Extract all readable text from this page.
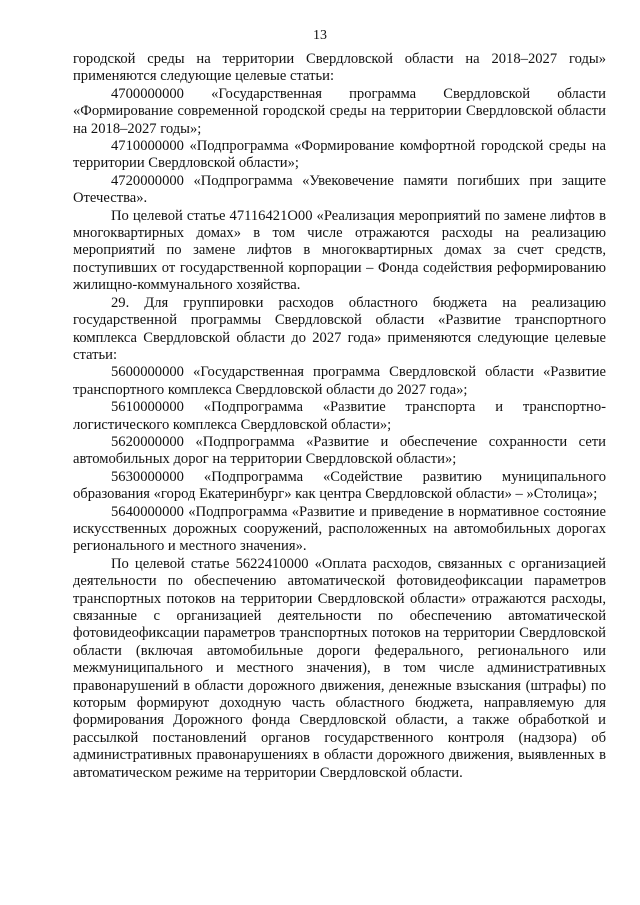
13

городской среды на территории Свердловской области на 2018–2027 годы» применяются следующие целевые статьи:

4700000000 «Государственная программа Свердловской области «Формирование современной городской среды на территории Свердловской области на 2018–2027 годы»;

4710000000 «Подпрограмма «Формирование комфортной городской среды на территории Свердловской области»;

4720000000 «Подпрограмма «Увековечение памяти погибших при защите Отечества».

По целевой статье 47116421О00 «Реализация мероприятий по замене лифтов в многоквартирных домах» в том числе отражаются расходы на реализацию мероприятий по замене лифтов в многоквартирных домах за счет средств, поступивших от государственной корпорации – Фонда содействия реформированию жилищно-коммунального хозяйства.

29. Для группировки расходов областного бюджета на реализацию государственной программы Свердловской области «Развитие транспортного комплекса Свердловской области до 2027 года» применяются следующие целевые статьи:

5600000000 «Государственная программа Свердловской области «Развитие транспортного комплекса Свердловской области до 2027 года»;

5610000000 «Подпрограмма «Развитие транспорта и транспортно-логистического комплекса Свердловской области»;

5620000000 «Подпрограмма «Развитие и обеспечение сохранности сети автомобильных дорог на территории Свердловской области»;

5630000000 «Подпрограмма «Содействие развитию муниципального образования «город Екатеринбург» как центра Свердловской области» – »Столица»;

5640000000 «Подпрограмма «Развитие и приведение в нормативное состояние искусственных дорожных сооружений, расположенных на автомобильных дорогах регионального и местного значения».

По целевой статье 5622410000 «Оплата расходов, связанных с организацией деятельности по обеспечению автоматической фотовидеофиксации параметров транспортных потоков на территории Свердловской области» отражаются расходы, связанные с организацией деятельности по обеспечению автоматической фотовидеофиксации параметров транспортных потоков на территории Свердловской области (включая автомобильные дороги федерального, регионального или межмуниципального и местного значения), в том числе административных правонарушений в области дорожного движения, денежные взыскания (штрафы) по которым формируют доходную часть областного бюджета, направляемую для формирования Дорожного фонда Свердловской области, а также обработкой и рассылкой постановлений органов государственного контроля (надзора) об административных правонарушениях в области дорожного движения, выявленных в автоматическом режиме на территории Свердловской области.
